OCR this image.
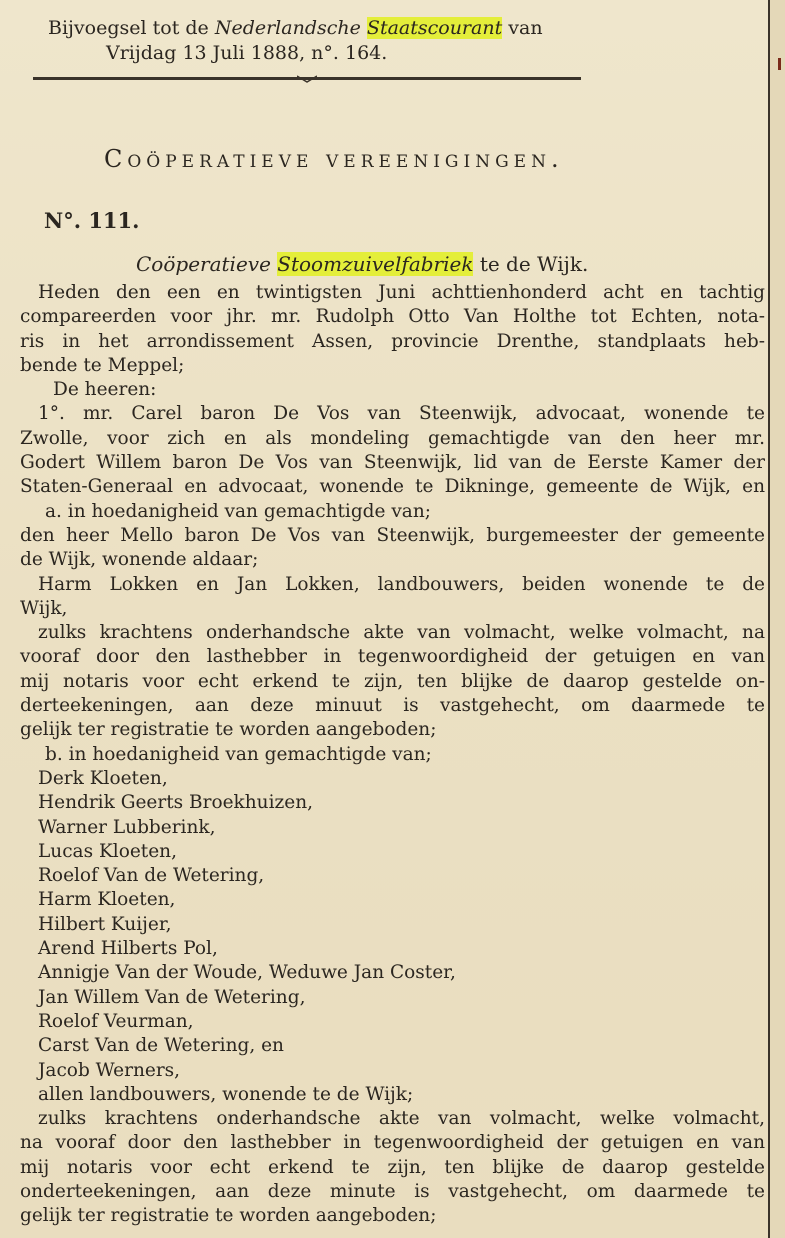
Bijvoegsel tot de Nederlandsche Staatscourant van
Vrijdag 13 Juli 1888, n°. 164.
Coöperatieve vereenigingen.
N°. 111.
Coöperatieve Stoomzuivelfabriek te de Wijk.
Heden den een en twintigsten Juni achttienhonderd acht en tachtig
compareerden voor jhr. mr. Rudolph Otto Van Holthe tot Echten, nota-
ris in het arrondissement Assen, provincie Drenthe, standplaats heb-
bende te Meppel;
De heeren:
1°. mr. Carel baron De Vos van Steenwijk, advocaat, wonende te
Zwolle, voor zich en als mondeling gemachtigde van den heer mr.
Godert Willem baron De Vos van Steenwijk, lid van de Eerste Kamer der
Staten-Generaal en advocaat, wonende te Dikninge, gemeente de Wijk, en
a. in hoedanigheid van gemachtigde van;
den heer Mello baron De Vos van Steenwijk, burgemeester der gemeente
de Wijk, wonende aldaar;
Harm Lokken en Jan Lokken, landbouwers, beiden wonende te de
Wijk,
zulks krachtens onderhandsche akte van volmacht, welke volmacht, na
vooraf door den lasthebber in tegenwoordigheid der getuigen en van
mij notaris voor echt erkend te zijn, ten blijke de daarop gestelde on-
derteekeningen, aan deze minuut is vastgehecht, om daarmede te
gelijk ter registratie te worden aangeboden;
b. in hoedanigheid van gemachtigde van;
Derk Kloeten,
Hendrik Geerts Broekhuizen,
Warner Lubberink,
Lucas Kloeten,
Roelof Van de Wetering,
Harm Kloeten,
Hilbert Kuijer,
Arend Hilberts Pol,
Annigje Van der Woude, Weduwe Jan Coster,
Jan Willem Van de Wetering,
Roelof Veurman,
Carst Van de Wetering, en
Jacob Werners,
allen landbouwers, wonende te de Wijk;
zulks krachtens onderhandsche akte van volmacht, welke volmacht,
na vooraf door den lasthebber in tegenwoordigheid der getuigen en van
mij notaris voor echt erkend te zijn, ten blijke de daarop gestelde
onderteekeningen, aan deze minute is vastgehecht, om daarmede te
gelijk ter registratie te worden aangeboden;
